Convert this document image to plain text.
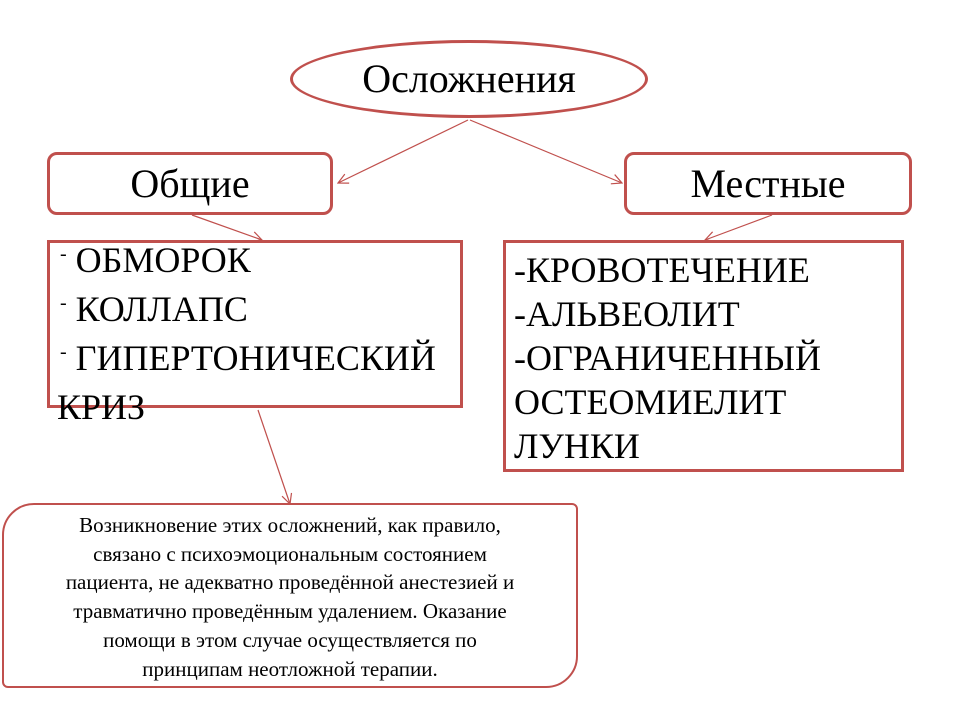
Осложнения
Общие	Местные
- ОБМОРОК
- КОЛЛАПС
- ГИПЕРТОНИЧЕСКИЙ КРИЗ
-КРОВОТЕЧЕНИЕ
-АЛЬВЕОЛИТ
-ОГРАНИЧЕННЫЙ ОСТЕОМИЕЛИТ ЛУНКИ
Возникновение этих осложнений, как правило,
связано с психоэмоциональным состоянием
пациента, не адекватно проведённой анестезией и
травматично проведённым удалением. Оказание
помощи в этом случае осуществляется по
принципам неотложной терапии.
